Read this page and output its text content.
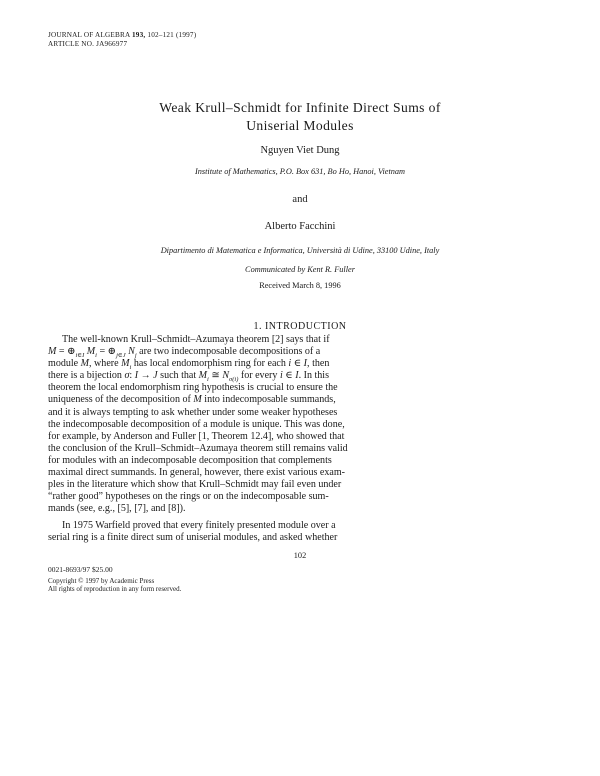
JOURNAL OF ALGEBRA 193, 102–121 (1997)
ARTICLE NO. JA966977
Weak Krull–Schmidt for Infinite Direct Sums of
Uniserial Modules
Nguyen Viet Dung
Institute of Mathematics, P.O. Box 631, Bo Ho, Hanoi, Vietnam
and
Alberto Facchini
Dipartimento di Matematica e Informatica, Università di Udine, 33100 Udine, Italy
Communicated by Kent R. Fuller
Received March 8, 1996
1. INTRODUCTION
The well-known Krull–Schmidt–Azumaya theorem [2] says that if
$M = \oplus_{i\in I}$ $M_i$ = $\oplus_{j\in J}$ $N_j$ are two indecomposable decompositions of a
module M, where $M_i$ has local endomorphism ring for each i ∈ I, then
there is a bijection σ: I → J such that $M_i$ ≅ $N_{\sigma(i)}$ for every i ∈ I. In this
theorem the local endomorphism ring hypothesis is crucial to ensure the
uniqueness of the decomposition of M into indecomposable summands,
and it is always tempting to ask whether under some weaker hypotheses
the indecomposable decomposition of a module is unique. This was done,
for example, by Anderson and Fuller [1, Theorem 12.4], who showed that
the conclusion of the Krull–Schmidt–Azumaya theorem still remains valid
for modules with an indecomposable decomposition that complements
maximal direct summands. In general, however, there exist various exam-
ples in the literature which show that Krull–Schmidt may fail even under
“rather good” hypotheses on the rings or on the indecomposable sum-
mands (see, e.g., [5], [7], and [8]).
In 1975 Warfield proved that every finitely presented module over a
serial ring is a finite direct sum of uniserial modules, and asked whether
102
0021-8693/97 $25.00
Copyright © 1997 by Academic Press
All rights of reproduction in any form reserved.
